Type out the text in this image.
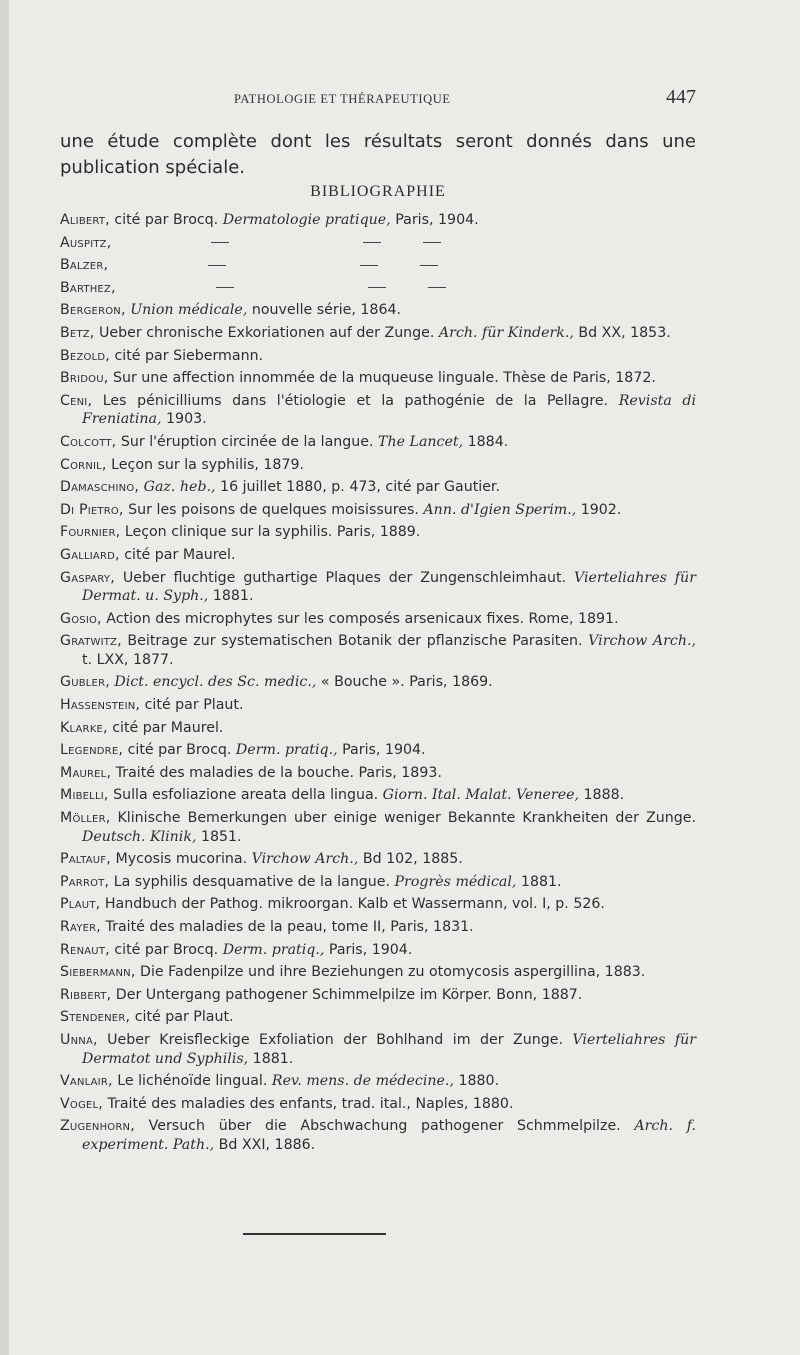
PATHOLOGIE ET THÉRAPEUTIQUE	447

une étude complète dont les résultats seront donnés dans une publication spéciale.

BIBLIOGRAPHIE
Alibert, cité par Brocq. Dermatologie pratique, Paris, 1904.
Auspitz,
Balzer,
Barthez,
Bergeron, Union médicale, nouvelle série, 1864.
Betz, Ueber chronische Exkoriationen auf der Zunge. Arch. für Kinderk., Bd XX, 1853.
Bezold, cité par Siebermann.
Bridou, Sur une affection innommée de la muqueuse linguale. Thèse de Paris, 1872.
Ceni, Les pénicilliums dans l'étiologie et la pathogénie de la Pellagre. Revista di Freniatina, 1903.
Colcott, Sur l'éruption circinée de la langue. The Lancet, 1884.
Cornil, Leçon sur la syphilis, 1879.
Damaschino, Gaz. heb., 16 juillet 1880, p. 473, cité par Gautier.
Di Pietro, Sur les poisons de quelques moisissures. Ann. d'Igien Sperim., 1902.
Fournier, Leçon clinique sur la syphilis. Paris, 1889.
Galliard, cité par Maurel.
Gaspary, Ueber fluchtige guthartige Plaques der Zungenschleimhaut. Vierteliahres für Dermat. u. Syph., 1881.
Gosio, Action des microphytes sur les composés arsenicaux fixes. Rome, 1891.
Gratwitz, Beitrage zur systematischen Botanik der pflanzische Parasiten. Virchow Arch., t. LXX, 1877.
Gubler, Dict. encycl. des Sc. medic., « Bouche ». Paris, 1869.
Hassenstein, cité par Plaut.
Klarke, cité par Maurel.
Legendre, cité par Brocq. Derm. pratiq., Paris, 1904.
Maurel, Traité des maladies de la bouche. Paris, 1893.
Mibelli, Sulla esfoliazione areata della lingua. Giorn. Ital. Malat. Veneree, 1888.
Möller, Klinische Bemerkungen uber einige weniger Bekannte Krankheiten der Zunge. Deutsch. Klinik, 1851.
Paltauf, Mycosis mucorina. Virchow Arch., Bd 102, 1885.
Parrot, La syphilis desquamative de la langue. Progrès médical, 1881.
Plaut, Handbuch der Pathog. mikroorgan. Kalb et Wassermann, vol. I, p. 526.
Rayer, Traité des maladies de la peau, tome II, Paris, 1831.
Renaut, cité par Brocq. Derm. pratiq., Paris, 1904.
Siebermann, Die Fadenpilze und ihre Beziehungen zu otomycosis aspergillina, 1883.
Ribbert, Der Untergang pathogener Schimmelpilze im Körper. Bonn, 1887.
Stendener, cité par Plaut.
Unna, Ueber Kreisfleckige Exfoliation der Bohlhand im der Zunge. Vierteliahres für Dermatot und Syphilis, 1881.
Vanlair, Le lichénoïde lingual. Rev. mens. de médecine., 1880.
Vogel, Traité des maladies des enfants, trad. ital., Naples, 1880.
Zugenhorn, Versuch über die Abschwachung pathogener Schmmelpilze. Arch. f. experiment. Path., Bd XXI, 1886.
